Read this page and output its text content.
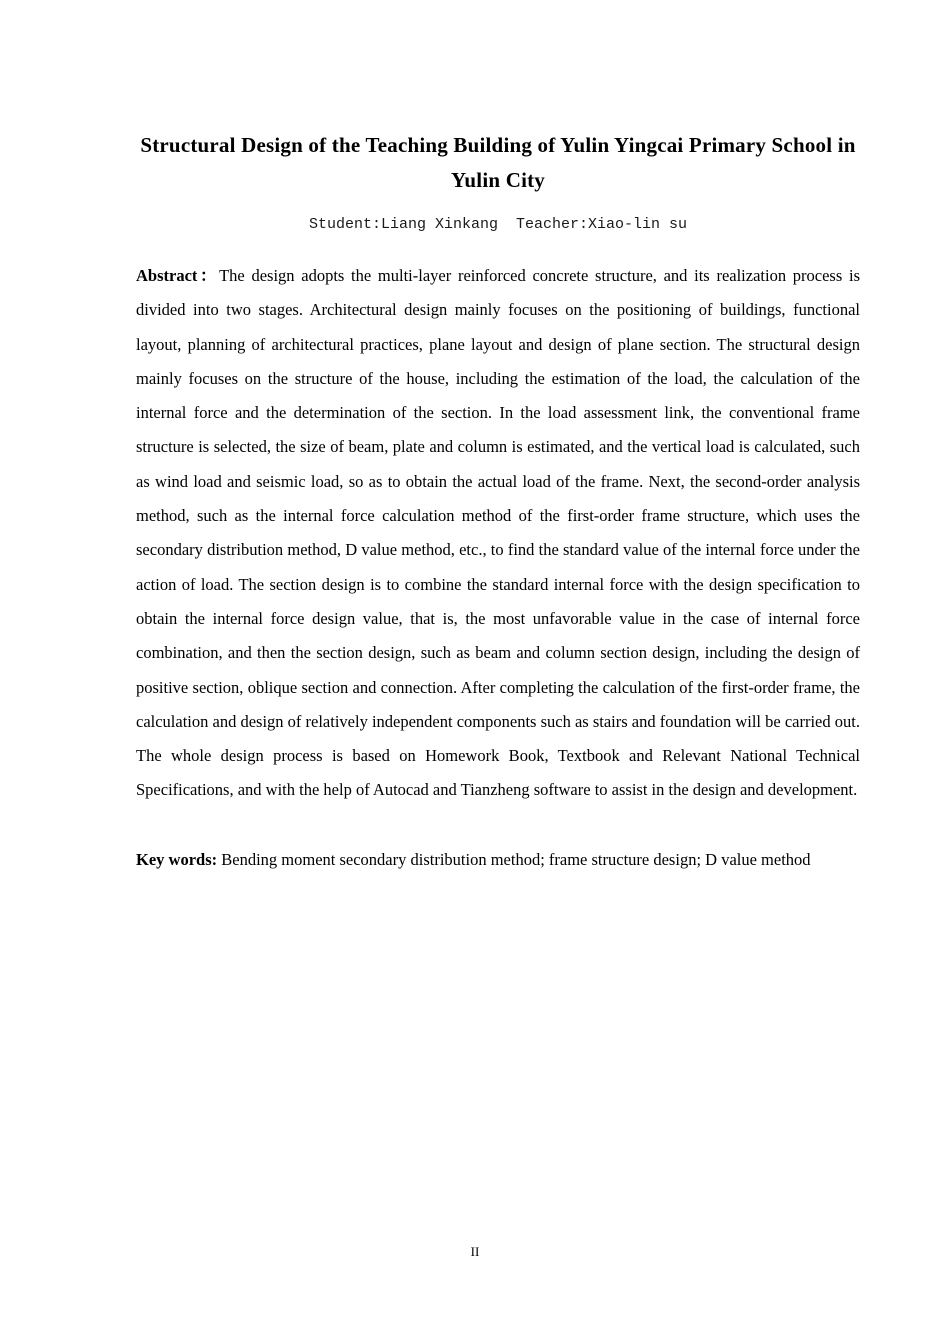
Structural Design of the Teaching Building of Yulin Yingcai Primary School in Yulin City
Student:Liang Xinkang  Teacher:Xiao-lin su

Abstract：The design adopts the multi-layer reinforced concrete structure, and its realization process is divided into two stages. Architectural design mainly focuses on the positioning of buildings, functional layout, planning of architectural practices, plane layout and design of plane section. The structural design mainly focuses on the structure of the house, including the estimation of the load, the calculation of the internal force and the determination of the section. In the load assessment link, the conventional frame structure is selected, the size of beam, plate and column is estimated, and the vertical load is calculated, such as wind load and seismic load, so as to obtain the actual load of the frame. Next, the second-order analysis method, such as the internal force calculation method of the first-order frame structure, which uses the secondary distribution method, D value method, etc., to find the standard value of the internal force under the action of load. The section design is to combine the standard internal force with the design specification to obtain the internal force design value, that is, the most unfavorable value in the case of internal force combination, and then the section design, such as beam and column section design, including the design of positive section, oblique section and connection. After completing the calculation of the first-order frame, the calculation and design of relatively independent components such as stairs and foundation will be carried out.

The whole design process is based on Homework Book, Textbook and Relevant National Technical Specifications, and with the help of Autocad and Tianzheng software to assist in the design and development.

Key words: Bending moment secondary distribution method; frame structure design; D value method

II
